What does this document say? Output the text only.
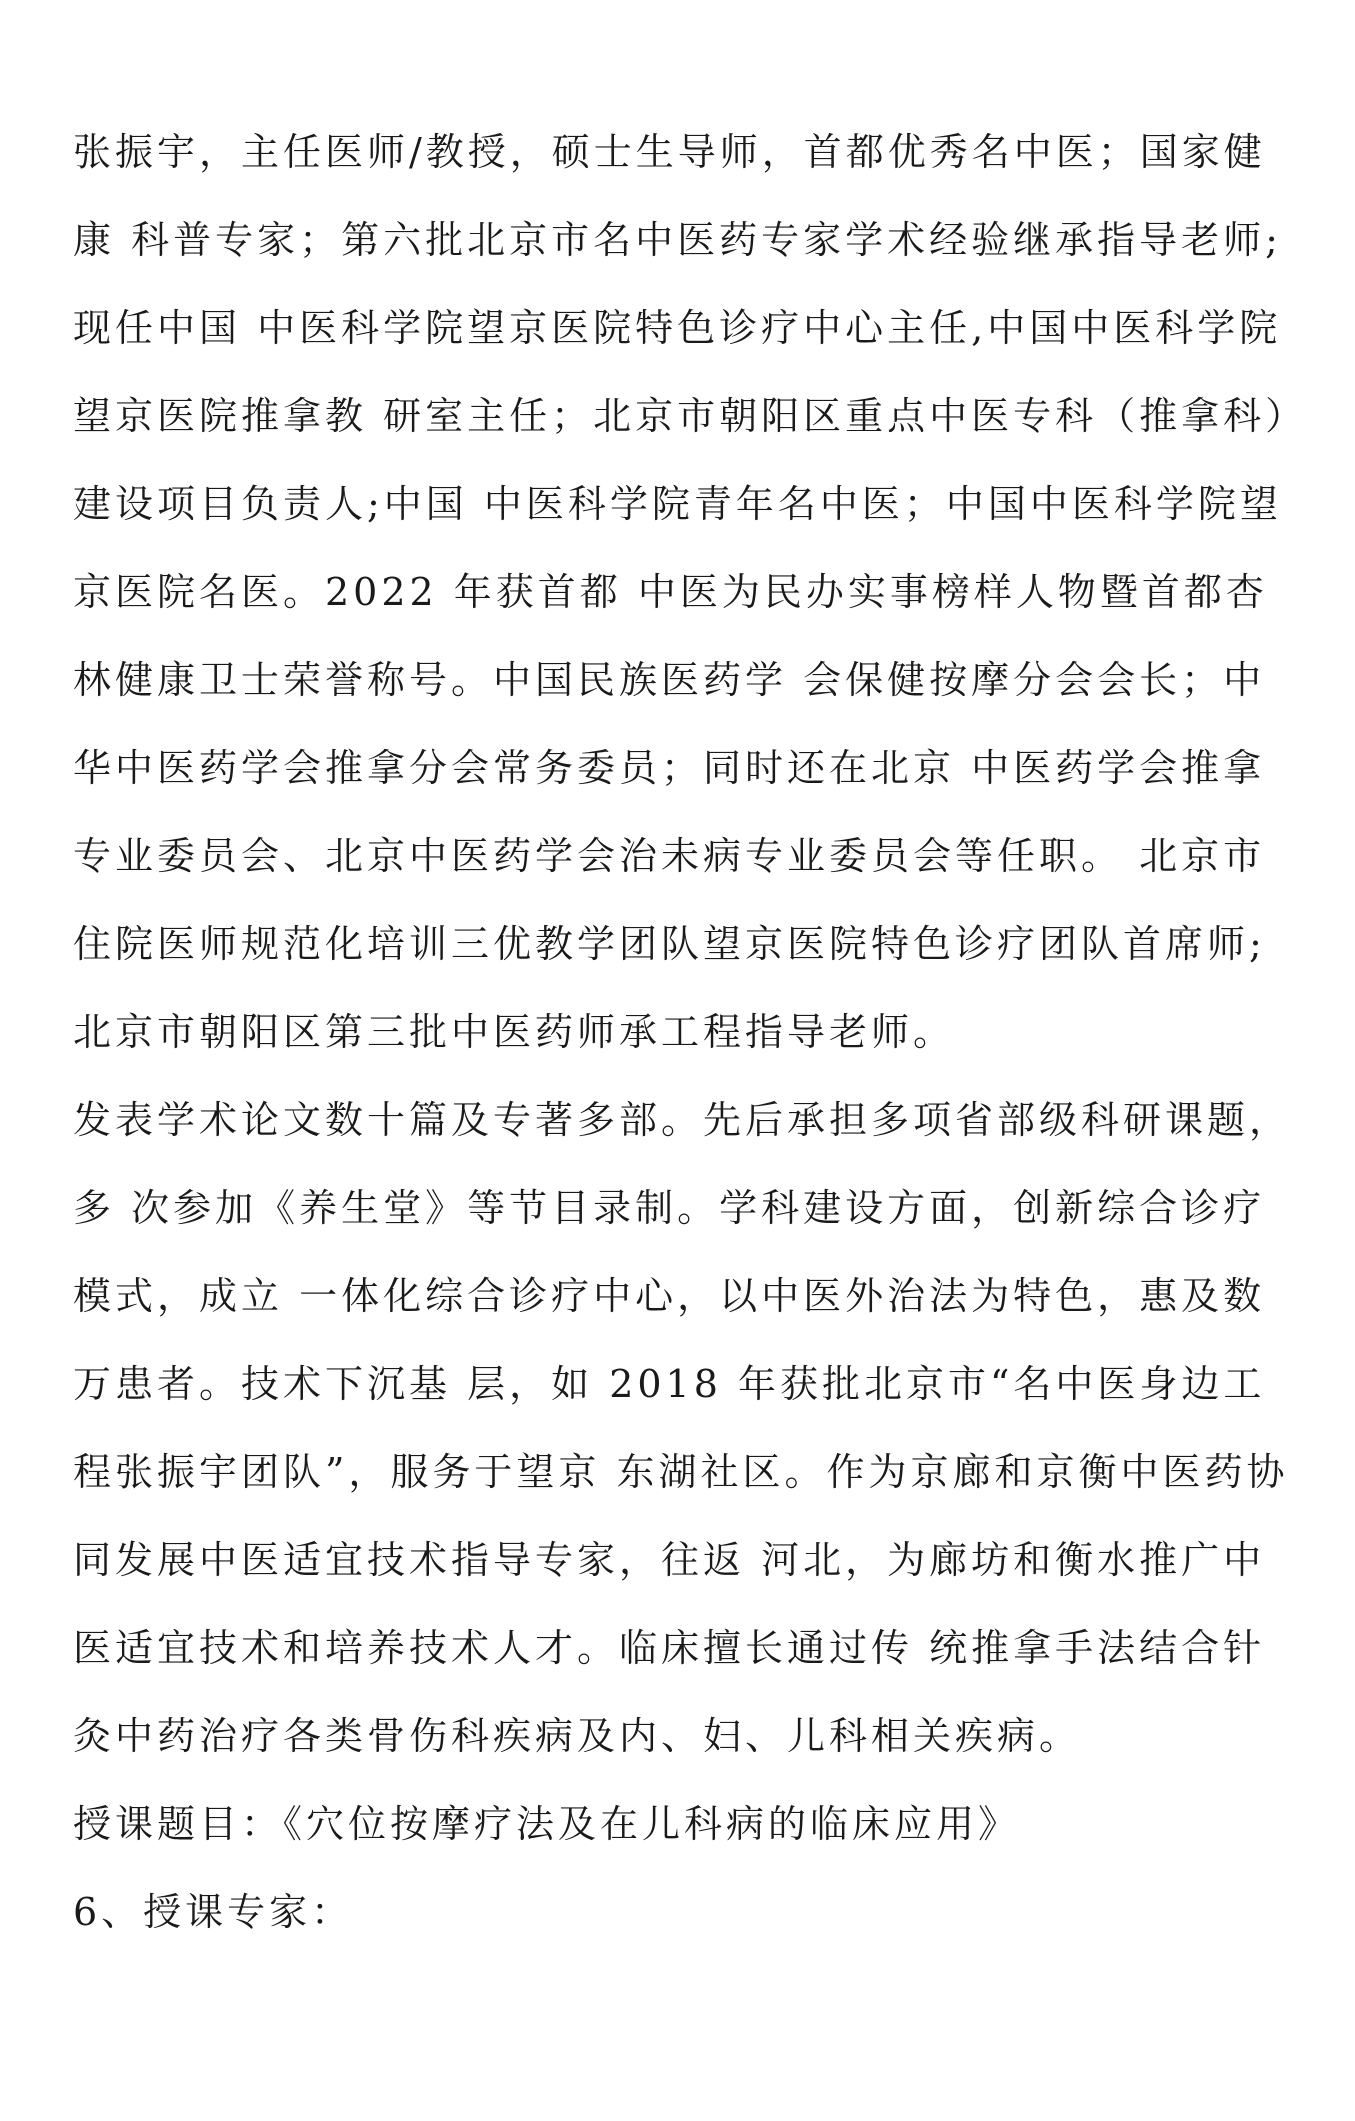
张振宇，主任医师/教授，硕士生导师，首都优秀名中医；国家健康 科普专家；第六批北京市名中医药专家学术经验继承指导老师;现任中国 中医科学院望京医院特色诊疗中心主任,中国中医科学院望京医院推拿教 研室主任；北京市朝阳区重点中医专科（推拿科）建设项目负责人;中国 中医科学院青年名中医；中国中医科学院望京医院名医。2022 年获首都 中医为民办实事榜样人物暨首都杏林健康卫士荣誉称号。中国民族医药学 会保健按摩分会会长；中华中医药学会推拿分会常务委员；同时还在北京 中医药学会推拿专业委员会、北京中医药学会治未病专业委员会等任职。 北京市住院医师规范化培训三优教学团队望京医院特色诊疗团队首席师; 北京市朝阳区第三批中医药师承工程指导老师。
发表学术论文数十篇及专著多部。先后承担多项省部级科研课题，多 次参加《养生堂》等节目录制。学科建设方面，创新综合诊疗模式，成立 一体化综合诊疗中心，以中医外治法为特色，惠及数万患者。技术下沉基 层，如 2018 年获批北京市“名中医身边工程张振宇团队”，服务于望京 东湖社区。作为京廊和京衡中医药协同发展中医适宜技术指导专家，往返 河北，为廊坊和衡水推广中医适宜技术和培养技术人才。临床擅长通过传 统推拿手法结合针灸中药治疗各类骨伤科疾病及内、妇、儿科相关疾病。
授课题目：《穴位按摩疗法及在儿科病的临床应用》
6、授课专家：
